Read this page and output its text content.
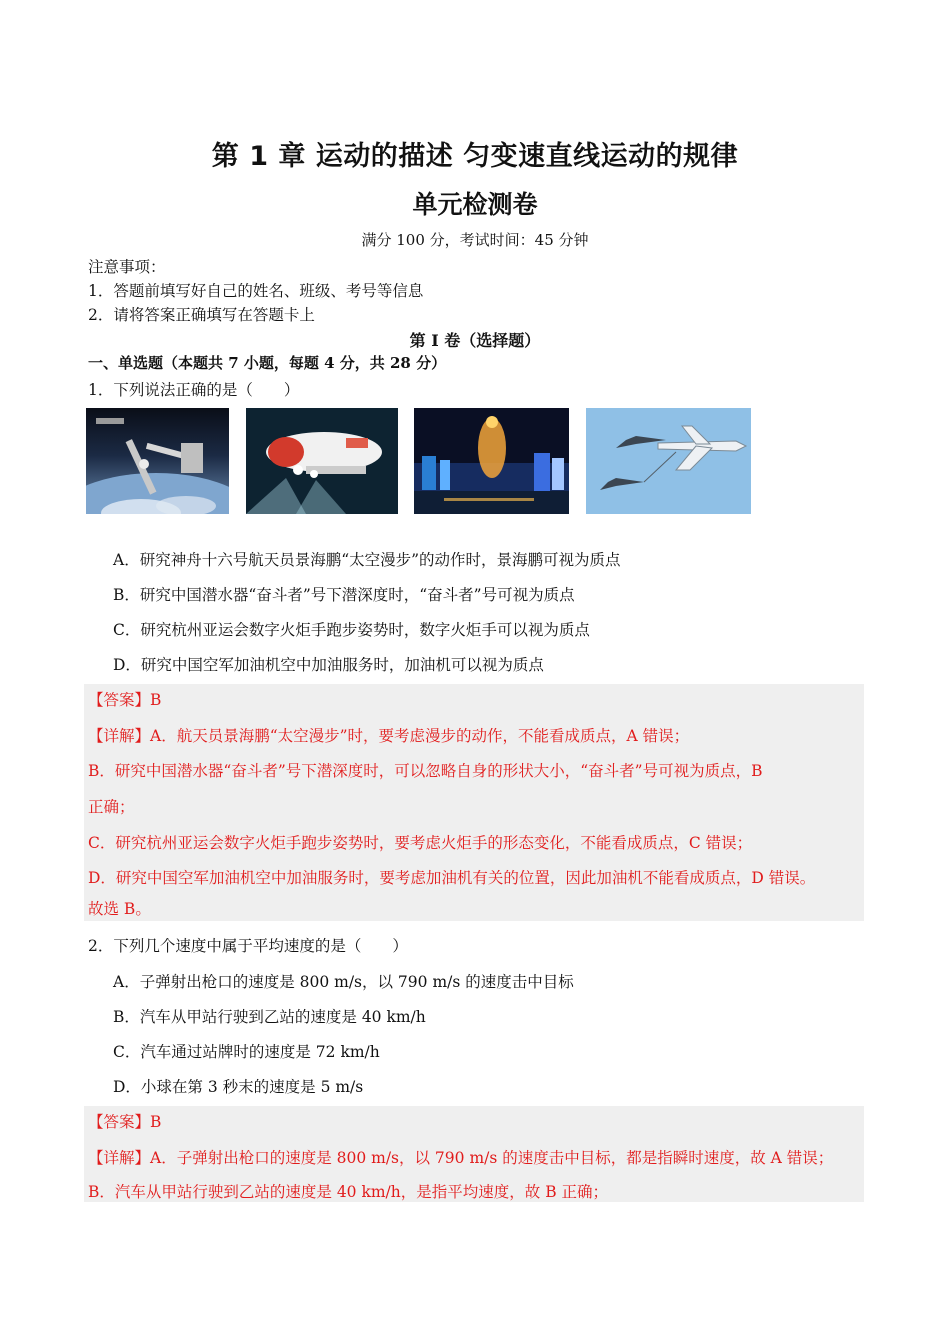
第 1 章 运动的描述 匀变速直线运动的规律
单元检测卷
满分 100 分，考试时间：45 分钟
注意事项：
1．答题前填写好自己的姓名、班级、考号等信息
2．请将答案正确填写在答题卡上
第 I 卷（选择题）
一、单选题（本题共 7 小题，每题 4 分，共 28 分）
1．下列说法正确的是（　　）
A．研究神舟十六号航天员景海鹏“太空漫步”的动作时，景海鹏可视为质点
B．研究中国潜水器“奋斗者”号下潜深度时，“奋斗者”号可视为质点
C．研究杭州亚运会数字火炬手跑步姿势时，数字火炬手可以视为质点
D．研究中国空军加油机空中加油服务时，加油机可以视为质点
【答案】B
【详解】A．航天员景海鹏“太空漫步”时，要考虑漫步的动作，不能看成质点，A 错误；
B．研究中国潜水器“奋斗者”号下潜深度时，可以忽略自身的形状大小，“奋斗者”号可视为质点，B
正确；
C．研究杭州亚运会数字火炬手跑步姿势时，要考虑火炬手的形态变化，不能看成质点，C 错误；
D．研究中国空军加油机空中加油服务时，要考虑加油机有关的位置，因此加油机不能看成质点，D 错误。
故选 B。
2．下列几个速度中属于平均速度的是（　　）
A．子弹射出枪口的速度是 800 m/s，以 790 m/s 的速度击中目标
B．汽车从甲站行驶到乙站的速度是 40 km/h
C．汽车通过站牌时的速度是 72 km/h
D．小球在第 3 秒末的速度是 5 m/s
【答案】B
【详解】A．子弹射出枪口的速度是 800 m/s，以 790 m/s 的速度击中目标，都是指瞬时速度，故 A 错误；
B．汽车从甲站行驶到乙站的速度是 40 km/h，是指平均速度，故 B 正确；
